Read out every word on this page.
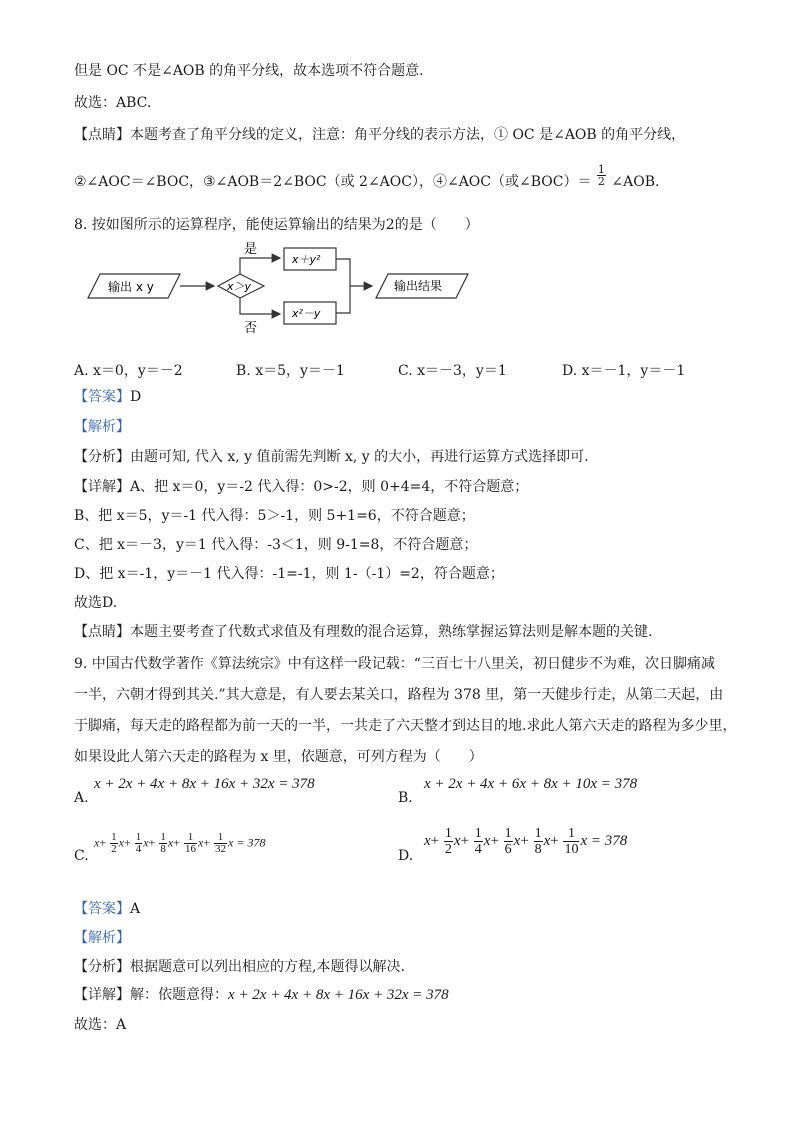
但是 OC 不是∠AOB 的角平分线，故本选项不符合题意.
故选：ABC.
【点睛】本题考查了角平分线的定义，注意：角平分线的表示方法，① OC 是∠AOB 的角平分线，
②∠AOC＝∠BOC，③∠AOB＝2∠BOC（或 2∠AOC），④∠AOC（或∠BOC）＝ $\frac{1}{2}$ ∠AOB.
8. 按如图所示的运算程序，能使运算输出的结果为2的是（　　）
输出 x y	x＞y
是
否
x＋y²
x²－y
输出结果
A. x＝0，y＝－2	B. x＝5，y＝－1	C. x＝－3，y＝1	D. x＝－1，y＝－1
【答案】D
【解析】
【分析】由题可知, 代入 x, y 值前需先判断 x, y 的大小，再进行运算方式选择即可.
【详解】A、把 x＝0，y＝-2 代入得：0>-2，则 0+4=4，不符合题意；
B、把 x＝5，y＝-1 代入得：5＞-1，则 5+1=6，不符合题意；
C、把 x＝－3，y＝1 代入得：-3＜1，则 9-1=8，不符合题意；
D、把 x＝-1，y＝－1 代入得：-1=-1，则 1-（-1）=2，符合题意；
故选D.
【点睛】本题主要考查了代数式求值及有理数的混合运算，熟练掌握运算法则是解本题的关键.
9. 中国古代数学著作《算法统宗》中有这样一段记载：“三百七十八里关，初日健步不为难，次日脚痛减
一半，六朝才得到其关.”其大意是，有人要去某关口，路程为 378 里，第一天健步行走，从第二天起，由
于脚痛，每天走的路程都为前一天的一半，一共走了六天整才到达目的地.求此人第六天走的路程为多少里，
如果设此人第六天走的路程为 x 里，依题意，可列方程为（　　）
A.
x + 2x + 4x + 8x + 16x + 32x = 378
B.
x + 2x + 4x + 6x + 8x + 10x = 378
C.
$x+ \frac{1}{2} x+ \frac{1}{4} x+ \frac{1}{8} x+ \frac{1}{16} x+ \frac{1}{32}$ x = 378
D.
$x+ \frac{1}{2} x+ \frac{1}{4} x+ \frac{1}{6} x+ \frac{1}{8} x+ \frac{1}{10}$ x = 378
【答案】A
【解析】
【分析】根据题意可以列出相应的方程,本题得以解决.
【详解】解：依题意得：x + 2x + 4x + 8x + 16x + 32x = 378
故选：A
